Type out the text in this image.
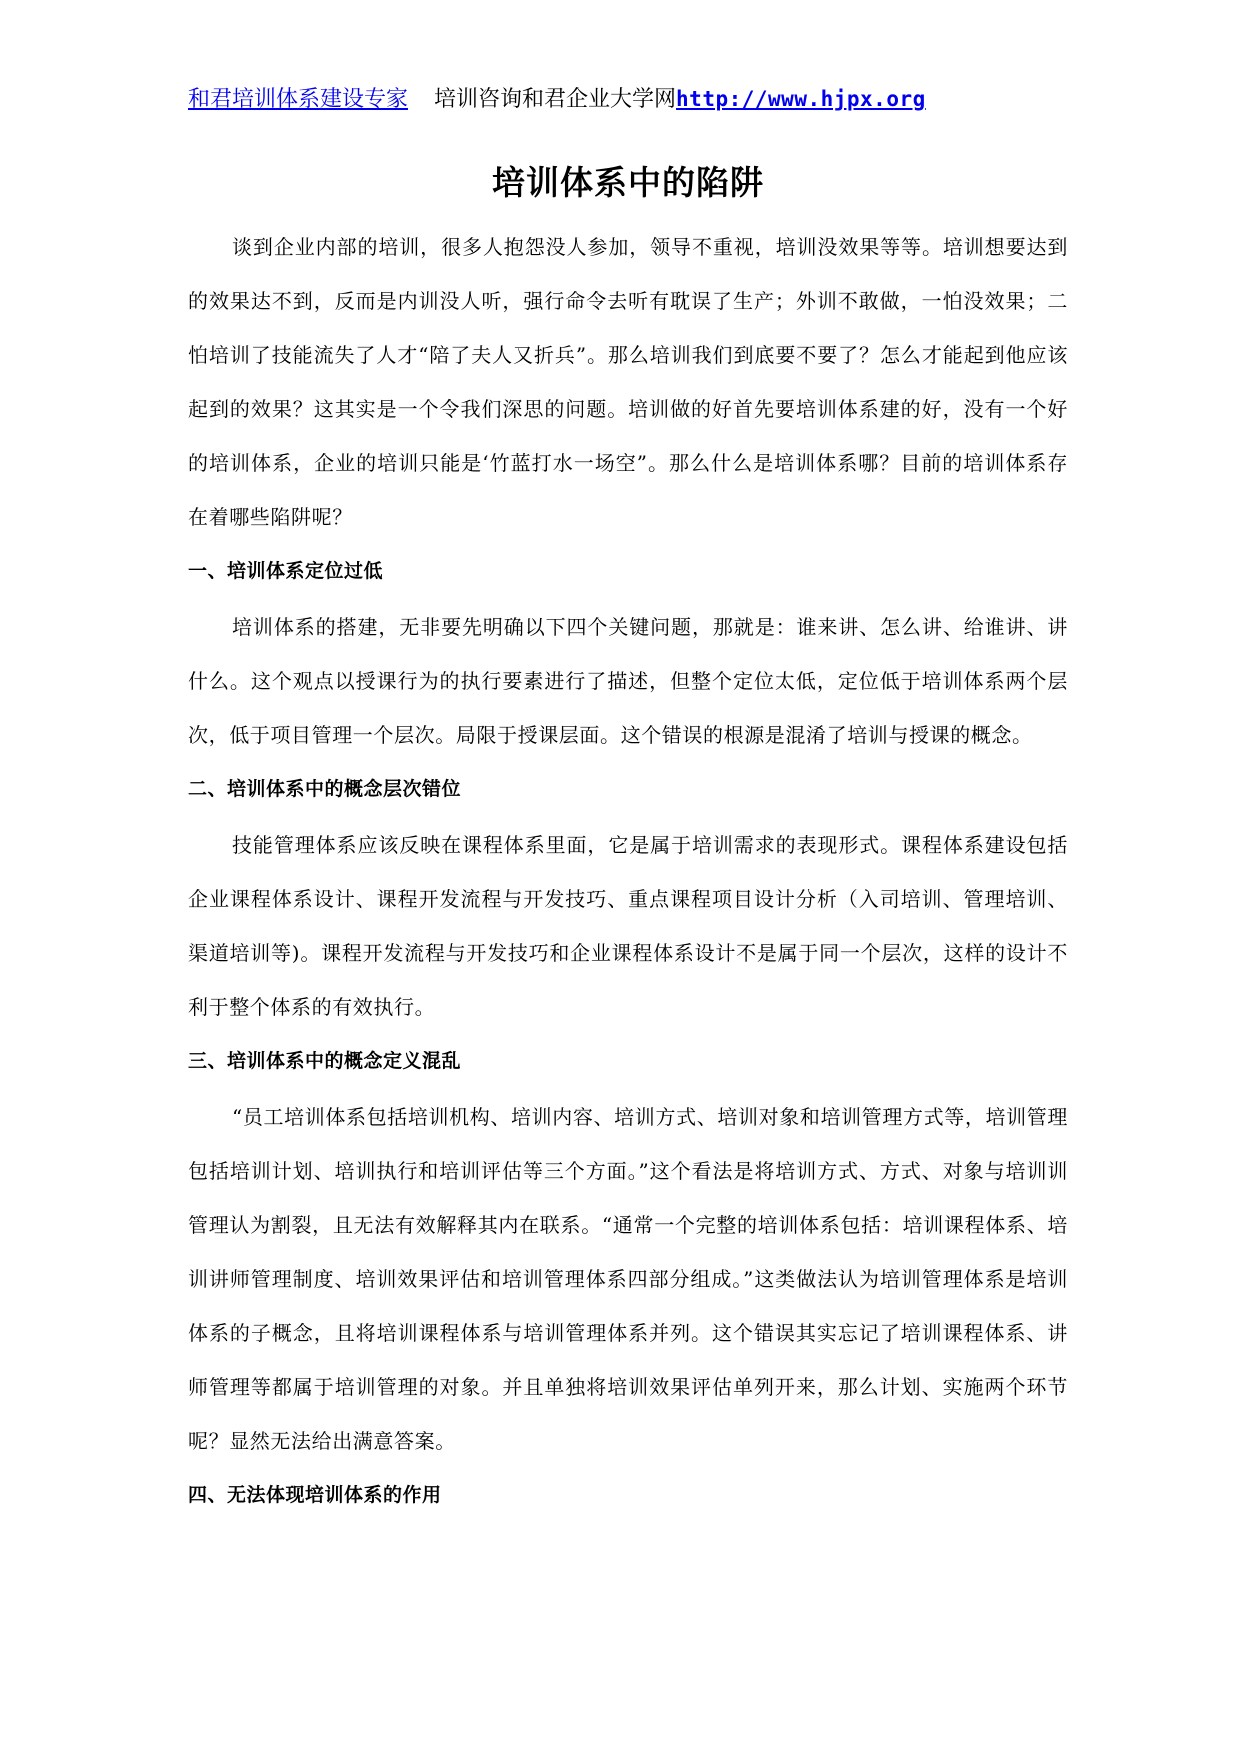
和君培训体系建设专家 培训咨询和君企业大学网http://www.hjpx.org
培训体系中的陷阱

谈到企业内部的培训，很多人抱怨没人参加，领导不重视，培训没效果等等。培训想要达到的效果达不到，反而是内训没人听，强行命令去听有耽误了生产；外训不敢做，一怕没效果；二怕培训了技能流失了人才“陪了夫人又折兵”。那么培训我们到底要不要了？怎么才能起到他应该起到的效果？这其实是一个令我们深思的问题。培训做的好首先要培训体系建的好，没有一个好的培训体系，企业的培训只能是‘竹蓝打水一场空”。那么什么是培训体系哪？目前的培训体系存在着哪些陷阱呢？

一、培训体系定位过低

培训体系的搭建，无非要先明确以下四个关键问题，那就是：谁来讲、怎么讲、给谁讲、讲什么。这个观点以授课行为的执行要素进行了描述，但整个定位太低，定位低于培训体系两个层次，低于项目管理一个层次。局限于授课层面。这个错误的根源是混淆了培训与授课的概念。

二、培训体系中的概念层次错位

技能管理体系应该反映在课程体系里面，它是属于培训需求的表现形式。课程体系建设包括企业课程体系设计、课程开发流程与开发技巧、重点课程项目设计分析（入司培训、管理培训、渠道培训等)。课程开发流程与开发技巧和企业课程体系设计不是属于同一个层次，这样的设计不利于整个体系的有效执行。

三、培训体系中的概念定义混乱

“员工培训体系包括培训机构、培训内容、培训方式、培训对象和培训管理方式等，培训管理包括培训计划、培训执行和培训评估等三个方面。”这个看法是将培训方式、方式、对象与培训训管理认为割裂，且无法有效解释其内在联系。“通常一个完整的培训体系包括：培训课程体系、培训讲师管理制度、培训效果评估和培训管理体系四部分组成。”这类做法认为培训管理体系是培训体系的子概念，且将培训课程体系与培训管理体系并列。这个错误其实忘记了培训课程体系、讲师管理等都属于培训管理的对象。并且单独将培训效果评估单列开来，那么计划、实施两个环节呢？显然无法给出满意答案。

四、无法体现培训体系的作用
